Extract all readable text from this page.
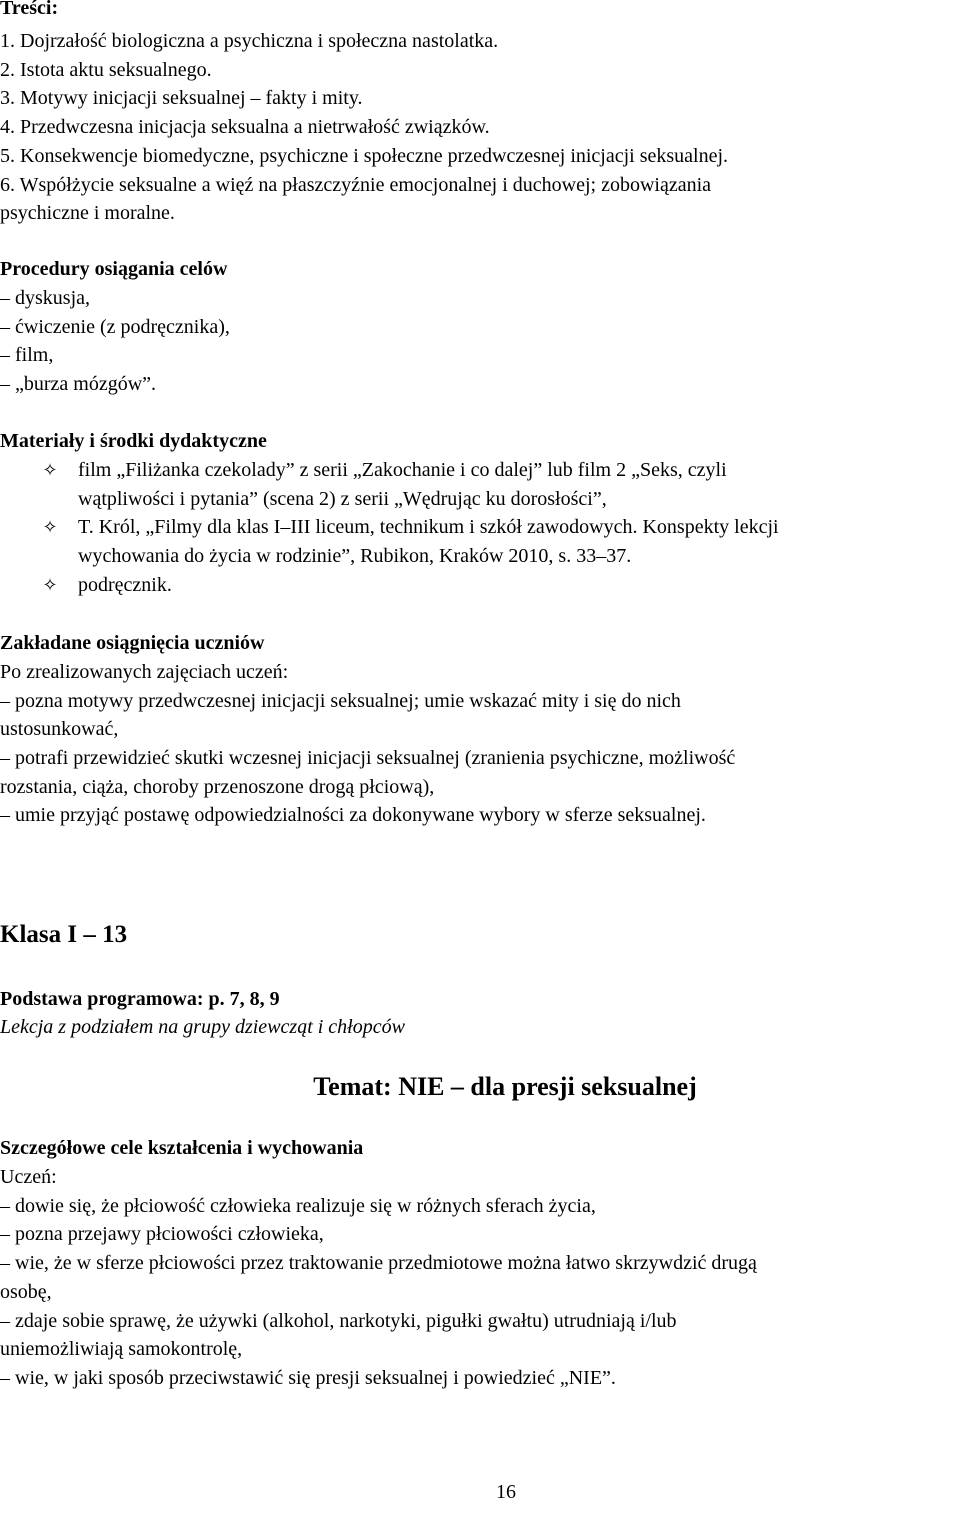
Treści:
1. Dojrzałość biologiczna a psychiczna i społeczna nastolatka.
2. Istota aktu seksualnego.
3. Motywy inicjacji seksualnej – fakty i mity.
4. Przedwczesna inicjacja seksualna a nietrwałość związków.
5. Konsekwencje biomedyczne, psychiczne i społeczne przedwczesnej inicjacji seksualnej.
6. Współżycie seksualne a więź na płaszczyźnie emocjonalnej i duchowej; zobowiązania
psychiczne i moralne.
Procedury osiągania celów
– dyskusja,
– ćwiczenie (z podręcznika),
– film,
– „burza mózgów”.
Materiały i środki dydaktyczne
✧ film „Filiżanka czekolady” z serii „Zakochanie i co dalej” lub film 2 „Seks, czyli
wątpliwości i pytania” (scena 2) z serii „Wędrując ku dorosłości”,
✧ T. Król, „Filmy dla klas I–III liceum, technikum i szkół zawodowych. Konspekty lekcji
wychowania do życia w rodzinie”, Rubikon, Kraków 2010, s. 33–37.
✧ podręcznik.
Zakładane osiągnięcia uczniów
Po zrealizowanych zajęciach uczeń:
– pozna motywy przedwczesnej inicjacji seksualnej; umie wskazać mity i się do nich
ustosunkować,
– potrafi przewidzieć skutki wczesnej inicjacji seksualnej (zranienia psychiczne, możliwość
rozstania, ciąża, choroby przenoszone drogą płciową),
– umie przyjąć postawę odpowiedzialności za dokonywane wybory w sferze seksualnej.
Klasa I – 13
Podstawa programowa: p. 7, 8, 9
Lekcja z podziałem na grupy dziewcząt i chłopców
Temat: NIE – dla presji seksualnej
Szczegółowe cele kształcenia i wychowania
Uczeń:
– dowie się, że płciowość człowieka realizuje się w różnych sferach życia,
– pozna przejawy płciowości człowieka,
– wie, że w sferze płciowości przez traktowanie przedmiotowe można łatwo skrzywdzić drugą
osobę,
– zdaje sobie sprawę, że używki (alkohol, narkotyki, pigułki gwałtu) utrudniają i/lub
uniemożliwiają samokontrolę,
– wie, w jaki sposób przeciwstawić się presji seksualnej i powiedzieć „NIE”.
16
